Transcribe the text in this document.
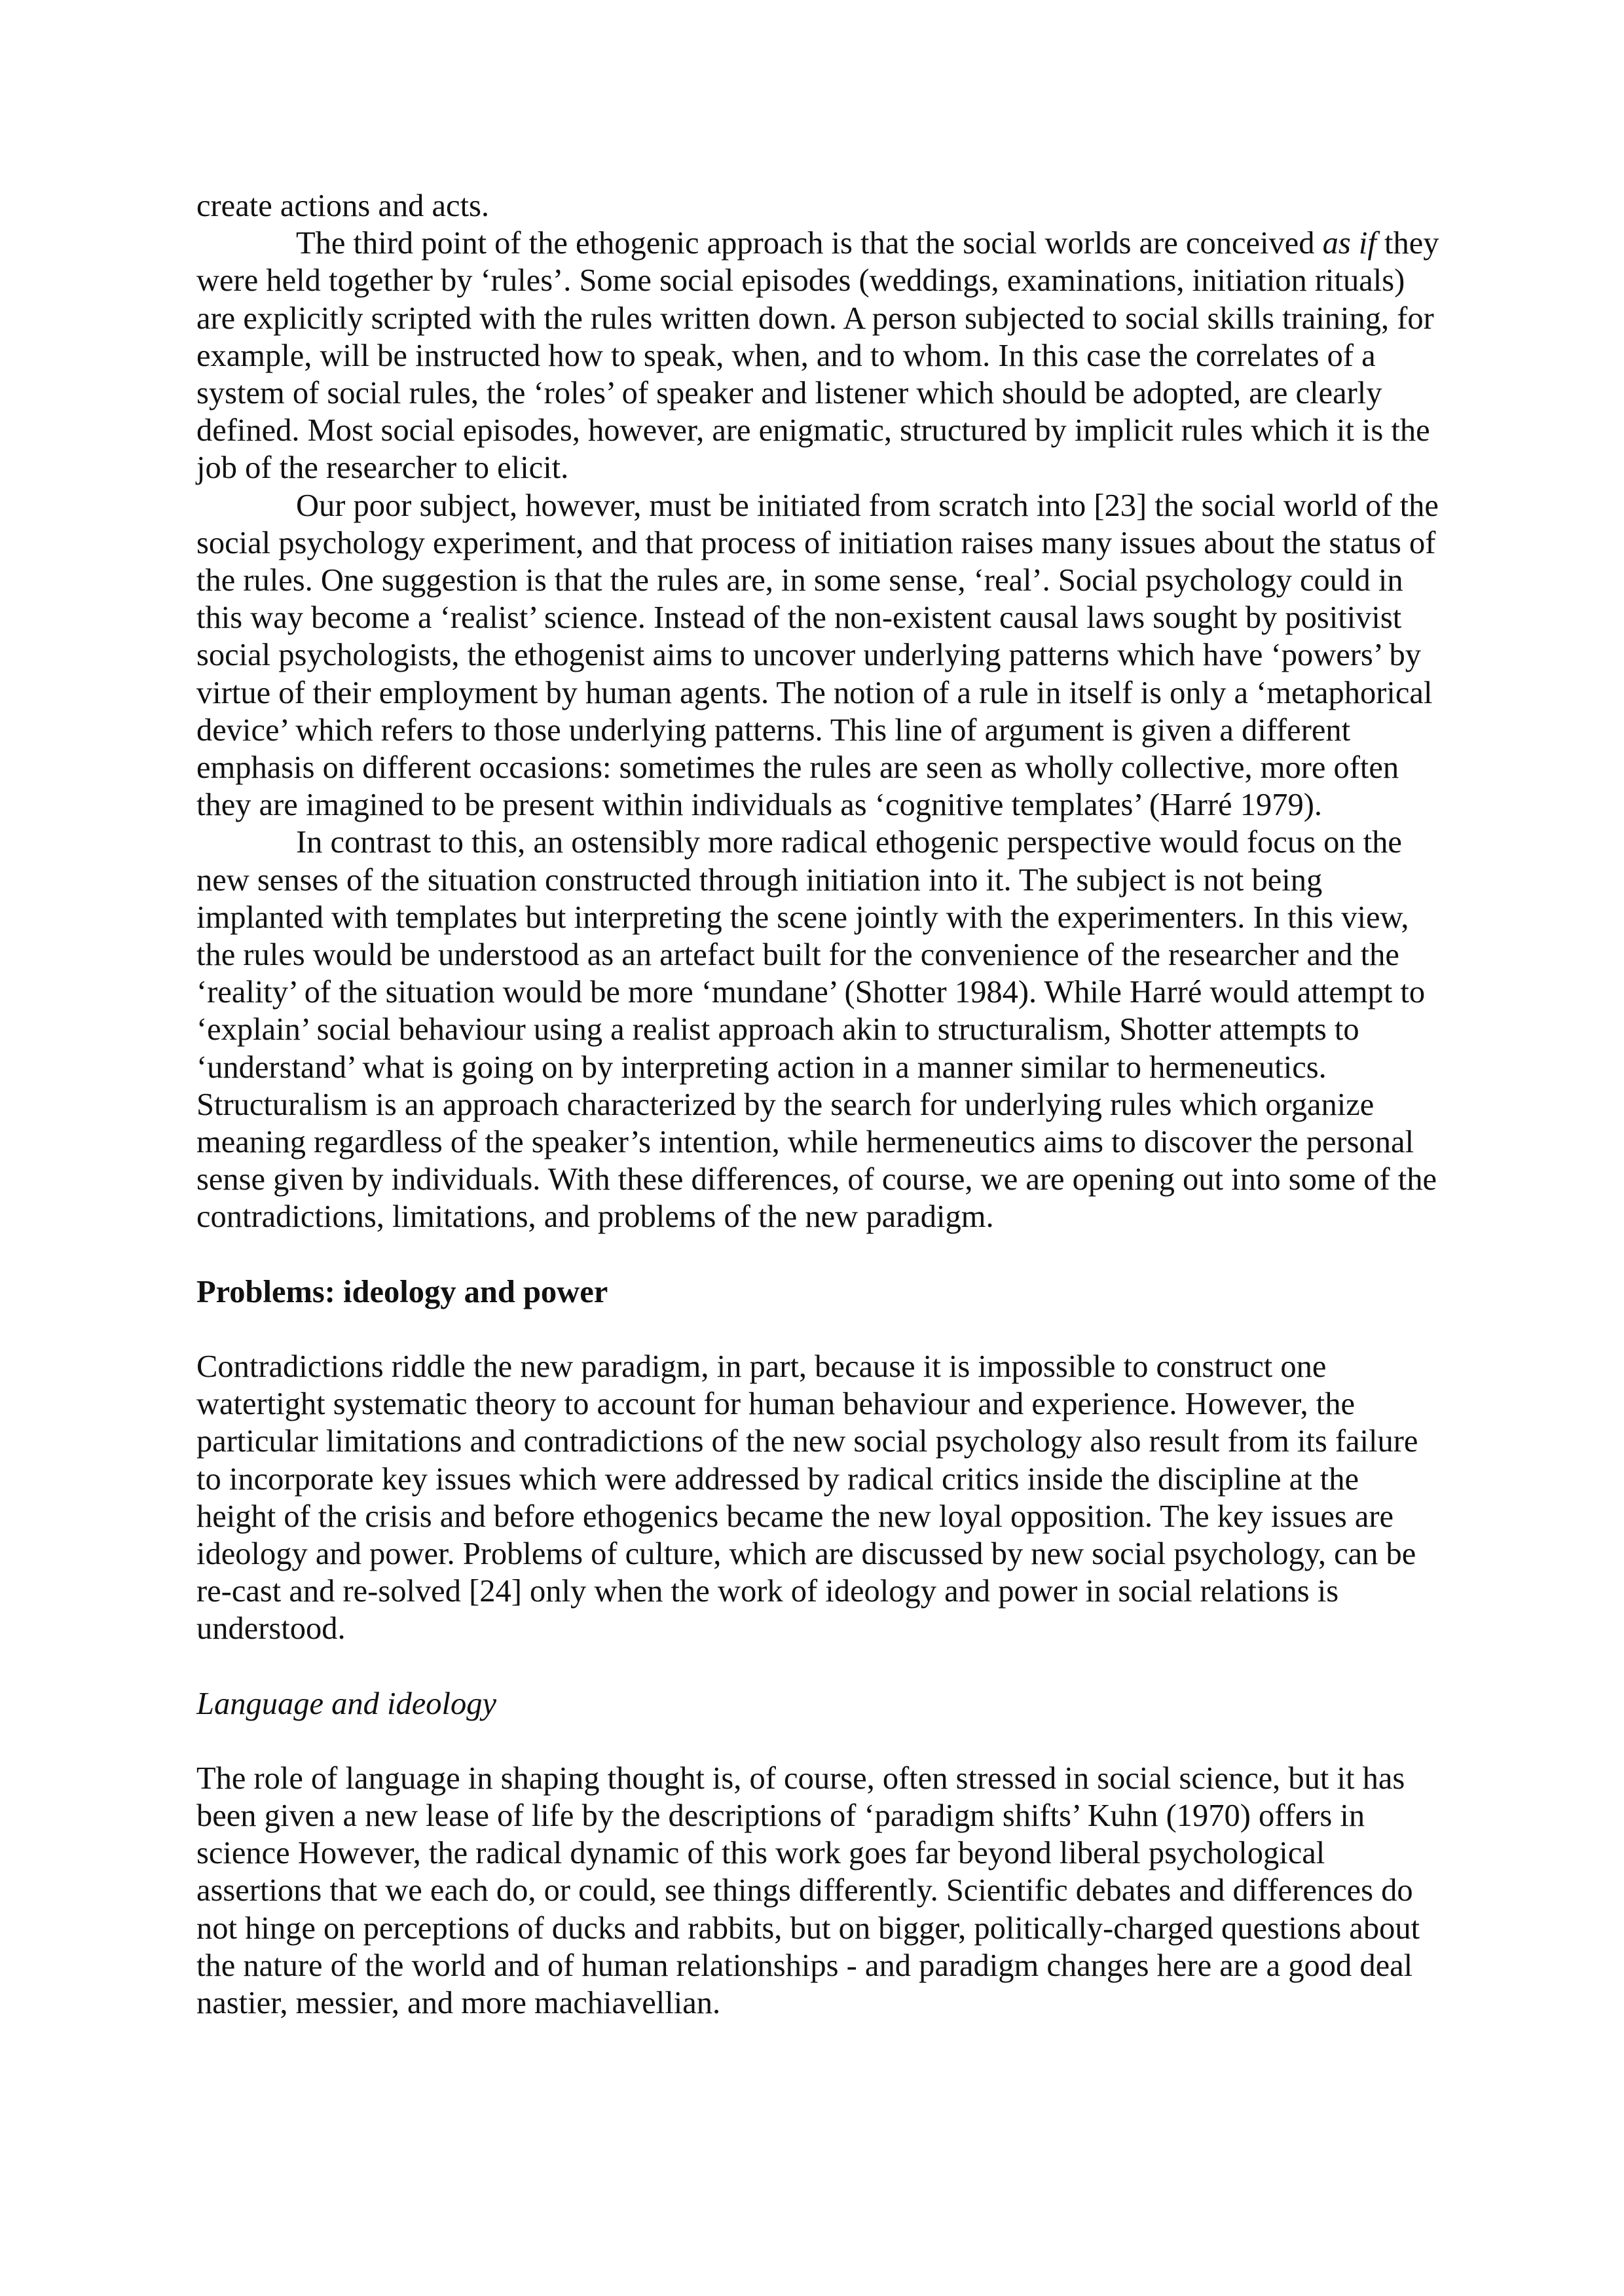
create actions and acts.

The third point of the ethogenic approach is that the social worlds are conceived as if they were held together by ‘rules’. Some social episodes (weddings, examinations, initiation rituals) are explicitly scripted with the rules written down. A person subjected to social skills training, for example, will be instructed how to speak, when, and to whom. In this case the correlates of a system of social rules, the ‘roles’ of speaker and listener which should be adopted, are clearly defined. Most social episodes, however, are enigmatic, structured by implicit rules which it is the job of the researcher to elicit.

Our poor subject, however, must be initiated from scratch into [23] the social world of the social psychology experiment, and that process of initiation raises many issues about the status of the rules. One suggestion is that the rules are, in some sense, ‘real’. Social psychology could in this way become a ‘realist’ science. Instead of the non-existent causal laws sought by positivist social psychologists, the ethogenist aims to uncover underlying patterns which have ‘powers’ by virtue of their employment by human agents. The notion of a rule in itself is only a ‘metaphorical device’ which refers to those underlying patterns. This line of argument is given a different emphasis on different occasions: sometimes the rules are seen as wholly collective, more often they are imagined to be present within individuals as ‘cognitive templates’ (Harré 1979).

In contrast to this, an ostensibly more radical ethogenic perspective would focus on the new senses of the situation constructed through initiation into it. The subject is not being implanted with templates but interpreting the scene jointly with the experimenters. In this view, the rules would be understood as an artefact built for the convenience of the researcher and the ‘reality’ of the situation would be more ‘mundane’ (Shotter 1984). While Harré would attempt to ‘explain’ social behaviour using a realist approach akin to structuralism, Shotter attempts to ‘understand’ what is going on by interpreting action in a manner similar to hermeneutics. Structuralism is an approach characterized by the search for underlying rules which organize meaning regardless of the speaker’s intention, while hermeneutics aims to discover the personal sense given by individuals. With these differences, of course, we are opening out into some of the contradictions, limitations, and problems of the new paradigm.

Problems: ideology and power

Contradictions riddle the new paradigm, in part, because it is impossible to construct one watertight systematic theory to account for human behaviour and experience. However, the particular limitations and contradictions of the new social psychology also result from its failure to incorporate key issues which were addressed by radical critics inside the discipline at the height of the crisis and before ethogenics became the new loyal opposition. The key issues are ideology and power. Problems of culture, which are discussed by new social psychology, can be re-cast and re-solved [24] only when the work of ideology and power in social relations is understood.

Language and ideology

The role of language in shaping thought is, of course, often stressed in social science, but it has been given a new lease of life by the descriptions of ‘paradigm shifts’ Kuhn (1970) offers in science However, the radical dynamic of this work goes far beyond liberal psychological assertions that we each do, or could, see things differently. Scientific debates and differences do not hinge on perceptions of ducks and rabbits, but on bigger, politically-charged questions about the nature of the world and of human relationships - and paradigm changes here are a good deal nastier, messier, and more machiavellian.
